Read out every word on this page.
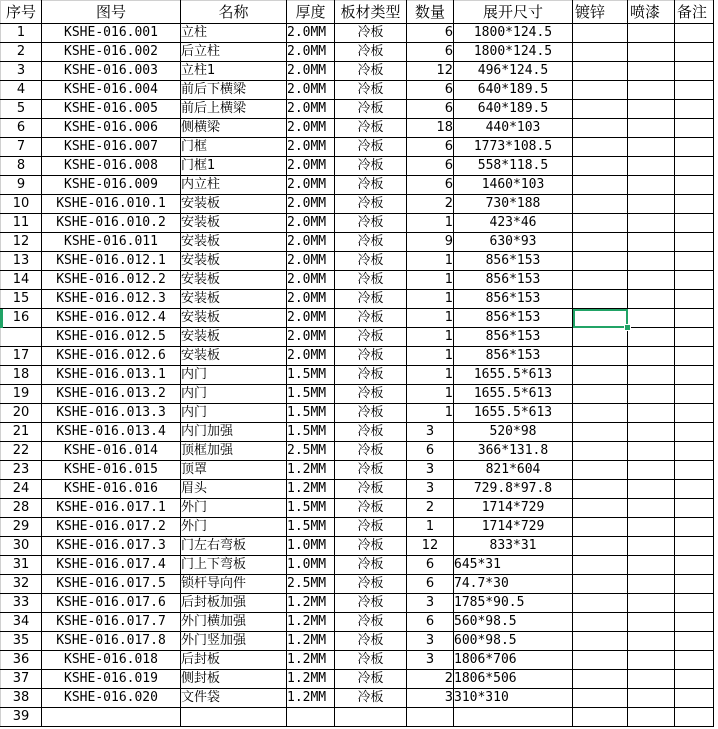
序号	图号	名称	厚度	板材类型	数量	展开尺寸	镀锌	喷漆	备注
1	KSHE-016.001	立柱	2.0MM	冷板	6	1800*124.5			
2	KSHE-016.002	后立柱	2.0MM	冷板	6	1800*124.5			
3	KSHE-016.003	立柱1	2.0MM	冷板	12	496*124.5			
4	KSHE-016.004	前后下横梁	2.0MM	冷板	6	640*189.5			
5	KSHE-016.005	前后上横梁	2.0MM	冷板	6	640*189.5			
6	KSHE-016.006	侧横梁	2.0MM	冷板	18	440*103			
7	KSHE-016.007	门框	2.0MM	冷板	6	1773*108.5			
8	KSHE-016.008	门框1	2.0MM	冷板	6	558*118.5			
9	KSHE-016.009	内立柱	2.0MM	冷板	6	1460*103			
10	KSHE-016.010.1	安装板	2.0MM	冷板	2	730*188			
11	KSHE-016.010.2	安装板	2.0MM	冷板	1	423*46			
12	KSHE-016.011	安装板	2.0MM	冷板	9	630*93			
13	KSHE-016.012.1	安装板	2.0MM	冷板	1	856*153			
14	KSHE-016.012.2	安装板	2.0MM	冷板	1	856*153			
15	KSHE-016.012.3	安装板	2.0MM	冷板	1	856*153			
16	KSHE-016.012.4	安装板	2.0MM	冷板	1	856*153			
	KSHE-016.012.5	安装板	2.0MM	冷板	1	856*153			
17	KSHE-016.012.6	安装板	2.0MM	冷板	1	856*153			
18	KSHE-016.013.1	内门	1.5MM	冷板	1	1655.5*613			
19	KSHE-016.013.2	内门	1.5MM	冷板	1	1655.5*613			
20	KSHE-016.013.3	内门	1.5MM	冷板	1	1655.5*613			
21	KSHE-016.013.4	内门加强	1.5MM	冷板	3	520*98			
22	KSHE-016.014	顶框加强	2.5MM	冷板	6	366*131.8			
23	KSHE-016.015	顶罩	1.2MM	冷板	3	821*604			
24	KSHE-016.016	眉头	1.2MM	冷板	3	729.8*97.8			
28	KSHE-016.017.1	外门	1.5MM	冷板	2	1714*729			
29	KSHE-016.017.2	外门	1.5MM	冷板	1	1714*729			
30	KSHE-016.017.3	门左右弯板	1.0MM	冷板	12	833*31			
31	KSHE-016.017.4	门上下弯板	1.0MM	冷板	6	645*31			
32	KSHE-016.017.5	锁杆导向件	2.5MM	冷板	6	74.7*30			
33	KSHE-016.017.6	后封板加强	1.2MM	冷板	3	1785*90.5			
34	KSHE-016.017.7	外门横加强	1.2MM	冷板	6	560*98.5			
35	KSHE-016.017.8	外门竖加强	1.2MM	冷板	3	600*98.5			
36	KSHE-016.018	后封板	1.2MM	冷板	3	1806*706			
37	KSHE-016.019	侧封板	1.2MM	冷板	2	1806*506			
38	KSHE-016.020	文件袋	1.2MM	冷板	3	310*310			
39									
